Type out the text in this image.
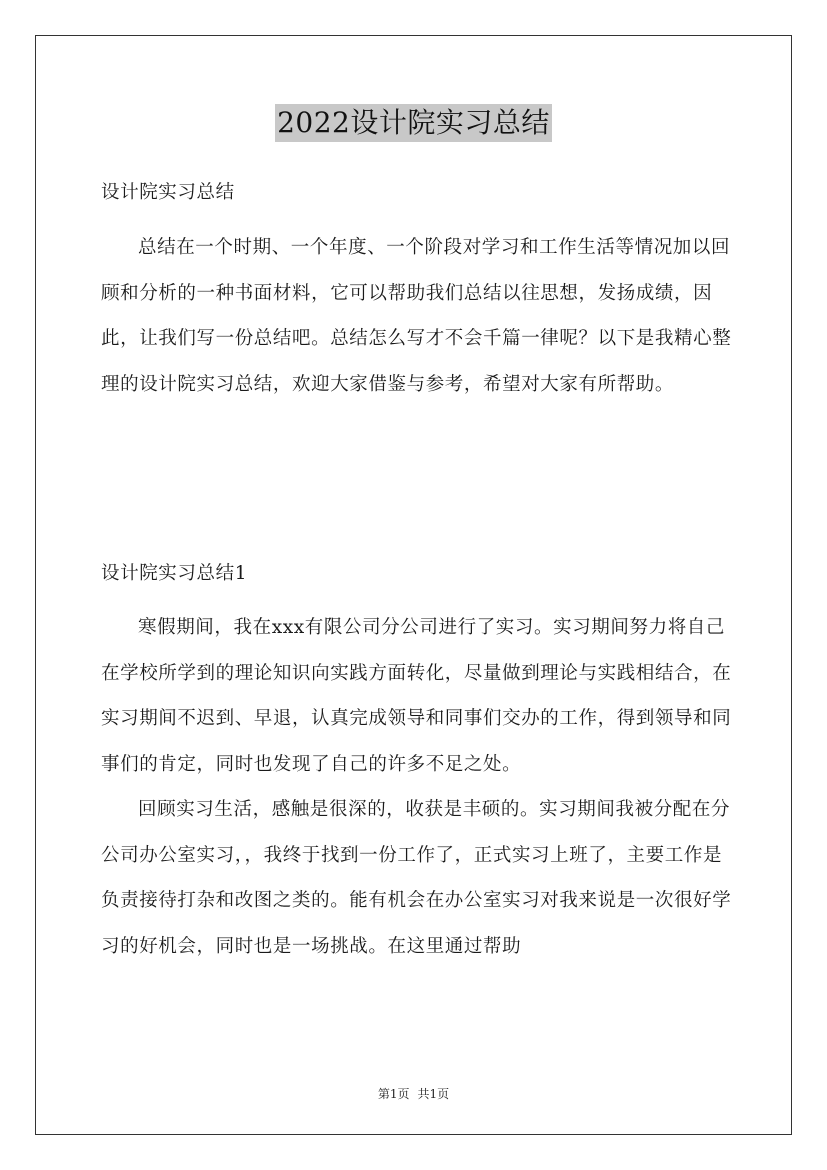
2022设计院实习总结
设计院实习总结

总结在一个时期、一个年度、一个阶段对学习和工作生活等情况加以回顾和分析的一种书面材料，它可以帮助我们总结以往思想，发扬成绩，因此，让我们写一份总结吧。总结怎么写才不会千篇一律呢？以下是我精心整理的设计院实习总结，欢迎大家借鉴与参考，希望对大家有所帮助。

设计院实习总结1

寒假期间，我在xxx有限公司分公司进行了实习。实习期间努力将自己在学校所学到的理论知识向实践方面转化，尽量做到理论与实践相结合，在实习期间不迟到、早退，认真完成领导和同事们交办的工作，得到领导和同事们的肯定，同时也发现了自己的许多不足之处。

回顾实习生活，感触是很深的，收获是丰硕的。实习期间我被分配在分公司办公室实习，，我终于找到一份工作了，正式实习上班了，主要工作是负责接待打杂和改图之类的。能有机会在办公室实习对我来说是一次很好学习的好机会，同时也是一场挑战。在这里通过帮助

第1页 共1页
